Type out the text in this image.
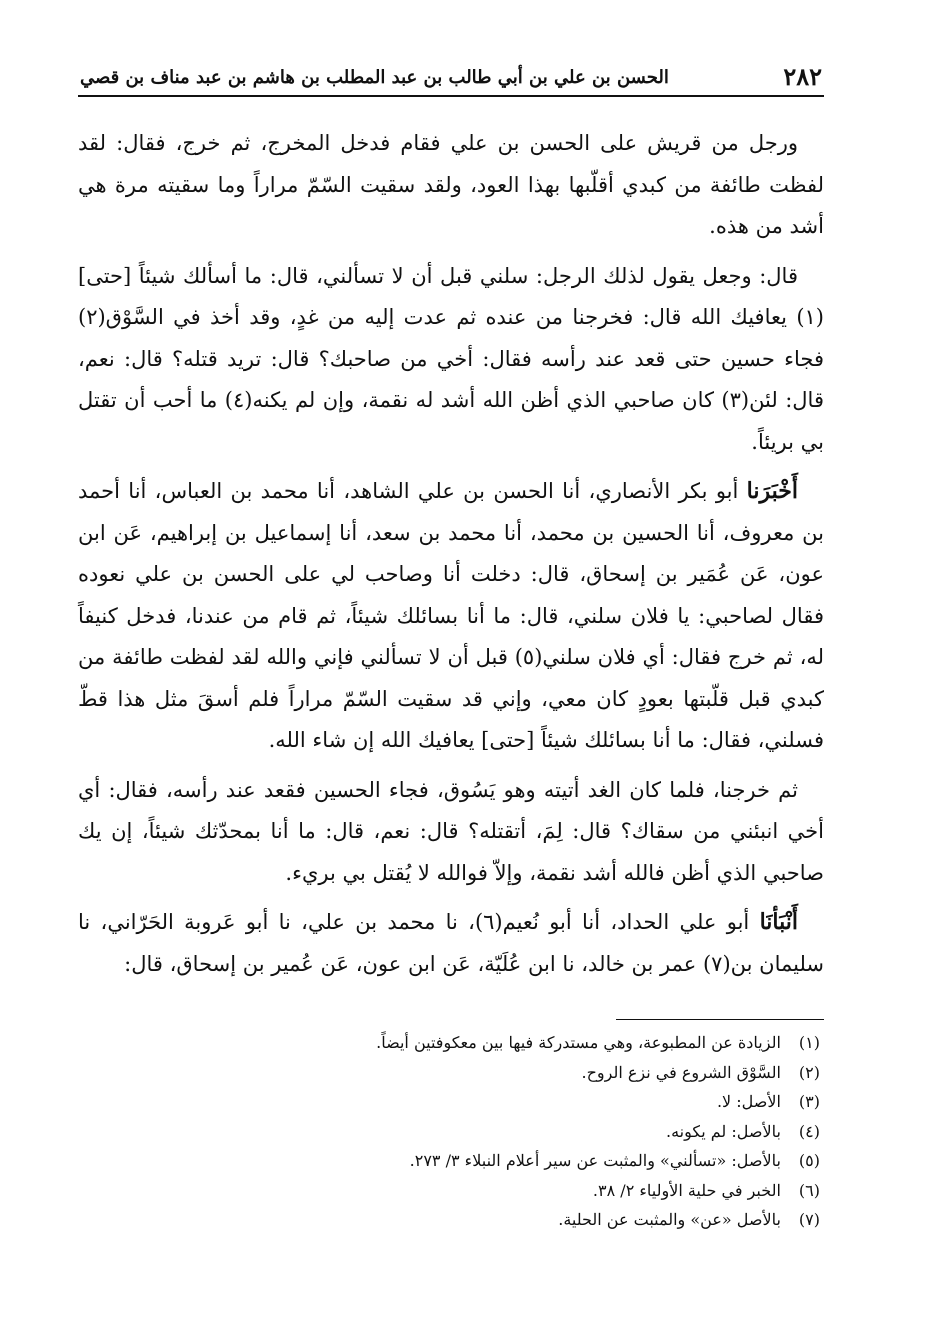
الحسن بن علي بن أبي طالب بن عبد المطلب بن هاشم بن عبد مناف بن قصي	٢٨٢

ورجل من قريش على الحسن بن علي فقام فدخل المخرج، ثم خرج، فقال: لقد لفظت طائفة من كبدي أقلّبها بهذا العود، ولقد سقيت السّمّ مراراً وما سقيته مرة هي أشد من هذه.

قال: وجعل يقول لذلك الرجل: سلني قبل أن لا تسألني، قال: ما أسألك شيئاً [حتى](١) يعافيك الله قال: فخرجنا من عنده ثم عدت إليه من غدٍ، وقد أخذ في السَّوْق(٢) فجاء حسين حتى قعد عند رأسه فقال: أخي من صاحبك؟ قال: تريد قتله؟ قال: نعم، قال: لئن(٣) كان صاحبي الذي أظن الله أشد له نقمة، وإن لم يكنه(٤) ما أحب أن تقتل بي بريئاً.

أَخْبَرَنا أبو بكر الأنصاري، أنا الحسن بن علي الشاهد، أنا محمد بن العباس، أنا أحمد بن معروف، أنا الحسين بن محمد، أنا محمد بن سعد، أنا إسماعيل بن إبراهيم، عَن ابن عون، عَن عُمَير بن إسحاق، قال: دخلت أنا وصاحب لي على الحسن بن علي نعوده فقال لصاحبي: يا فلان سلني، قال: ما أنا بسائلك شيئاً، ثم قام من عندنا، فدخل كنيفاً له، ثم خرج فقال: أي فلان سلني(٥) قبل أن لا تسألني فإني والله لقد لفظت طائفة من كبدي قبل قلّبتها بعودٍ كان معي، وإني قد سقيت السّمّ مراراً فلم أسقَ مثل هذا قطّ فسلني، فقال: ما أنا بسائلك شيئاً [حتى] يعافيك الله إن شاء الله.

ثم خرجنا، فلما كان الغد أتيته وهو يَسُوق، فجاء الحسين فقعد عند رأسه، فقال: أي أخي انبئني من سقاك؟ قال: لِمَ، أتقتله؟ قال: نعم، قال: ما أنا بمحدّثك شيئاً، إن يك صاحبي الذي أظن فالله أشد نقمة، وإلاّ فوالله لا يُقتل بي بريء.

أَنْبَأنَا أبو علي الحداد، أنا أبو نُعيم(٦)، نا محمد بن علي، نا أبو عَروبة الحَرّاني، نا سليمان بن(٧) عمر بن خالد، نا ابن عُلَيّة، عَن ابن عون، عَن عُمير بن إسحاق، قال:

(١) الزيادة عن المطبوعة، وهي مستدركة فيها بين معكوفتين أيضاً.
(٢) السَّوْق الشروع في نزع الروح.
(٣) الأصل: لا.
(٤) بالأصل: لم يكونه.
(٥) بالأصل: «تسألني» والمثبت عن سير أعلام النبلاء ٣/ ٢٧٣.
(٦) الخبر في حلية الأولياء ٢/ ٣٨.
(٧) بالأصل «عن» والمثبت عن الحلية.
